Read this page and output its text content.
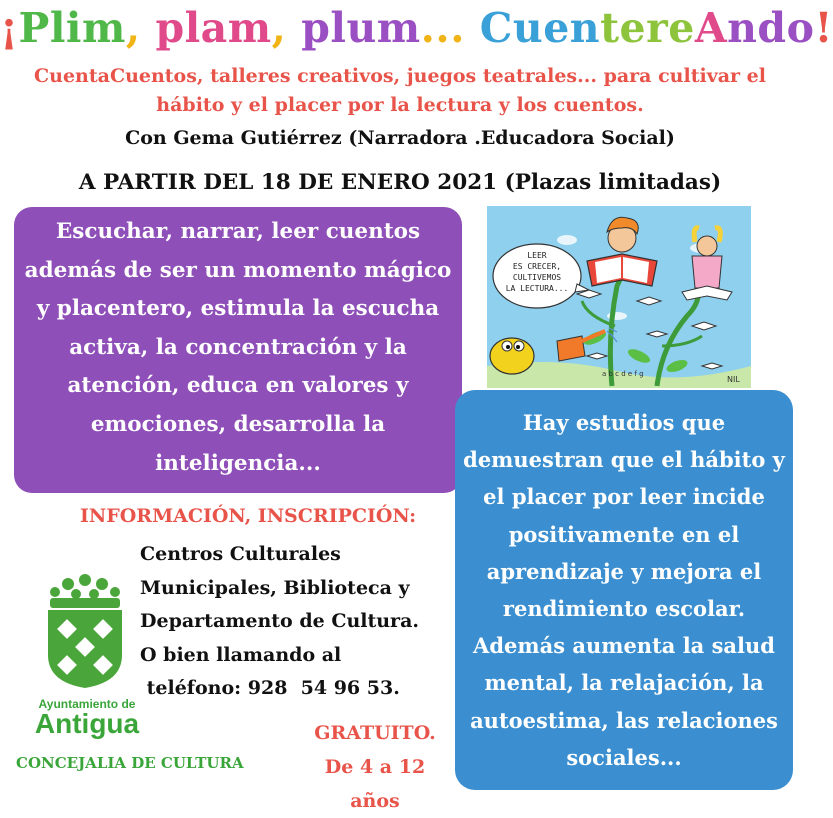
¡Plim, plam, plum... CuentereAndo!
CuentaCuentos, talleres creativos, juegos teatrales... para cultivar el hábito y el placer por la lectura y los cuentos.
Con Gema Gutiérrez (Narradora .Educadora Social)
A PARTIR DEL 18 DE ENERO 2021 (Plazas limitadas)
Escuchar, narrar, leer cuentos además de ser un momento mágico y placentero, estimula la escucha activa, la concentración y la atención, educa en valores y emociones, desarrolla la inteligencia...
LEER
ES CRECER,
CULTIVEMOS
LA LECTURA...
a b c d e f g
NIL
Hay estudios que demuestran que el hábito y el placer por leer incide positivamente en el aprendizaje y mejora el rendimiento escolar. Además aumenta la salud mental, la relajación, la autoestima, las relaciones sociales...
INFORMACIÓN, INSCRIPCIÓN:
Centros Culturales
Municipales, Biblioteca y
Departamento de Cultura.
O bien llamando al
teléfono: 928  54 96 53.
Ayuntamiento de
Antigua
CONCEJALIA DE CULTURA
GRATUITO.
De 4 a 12 años
